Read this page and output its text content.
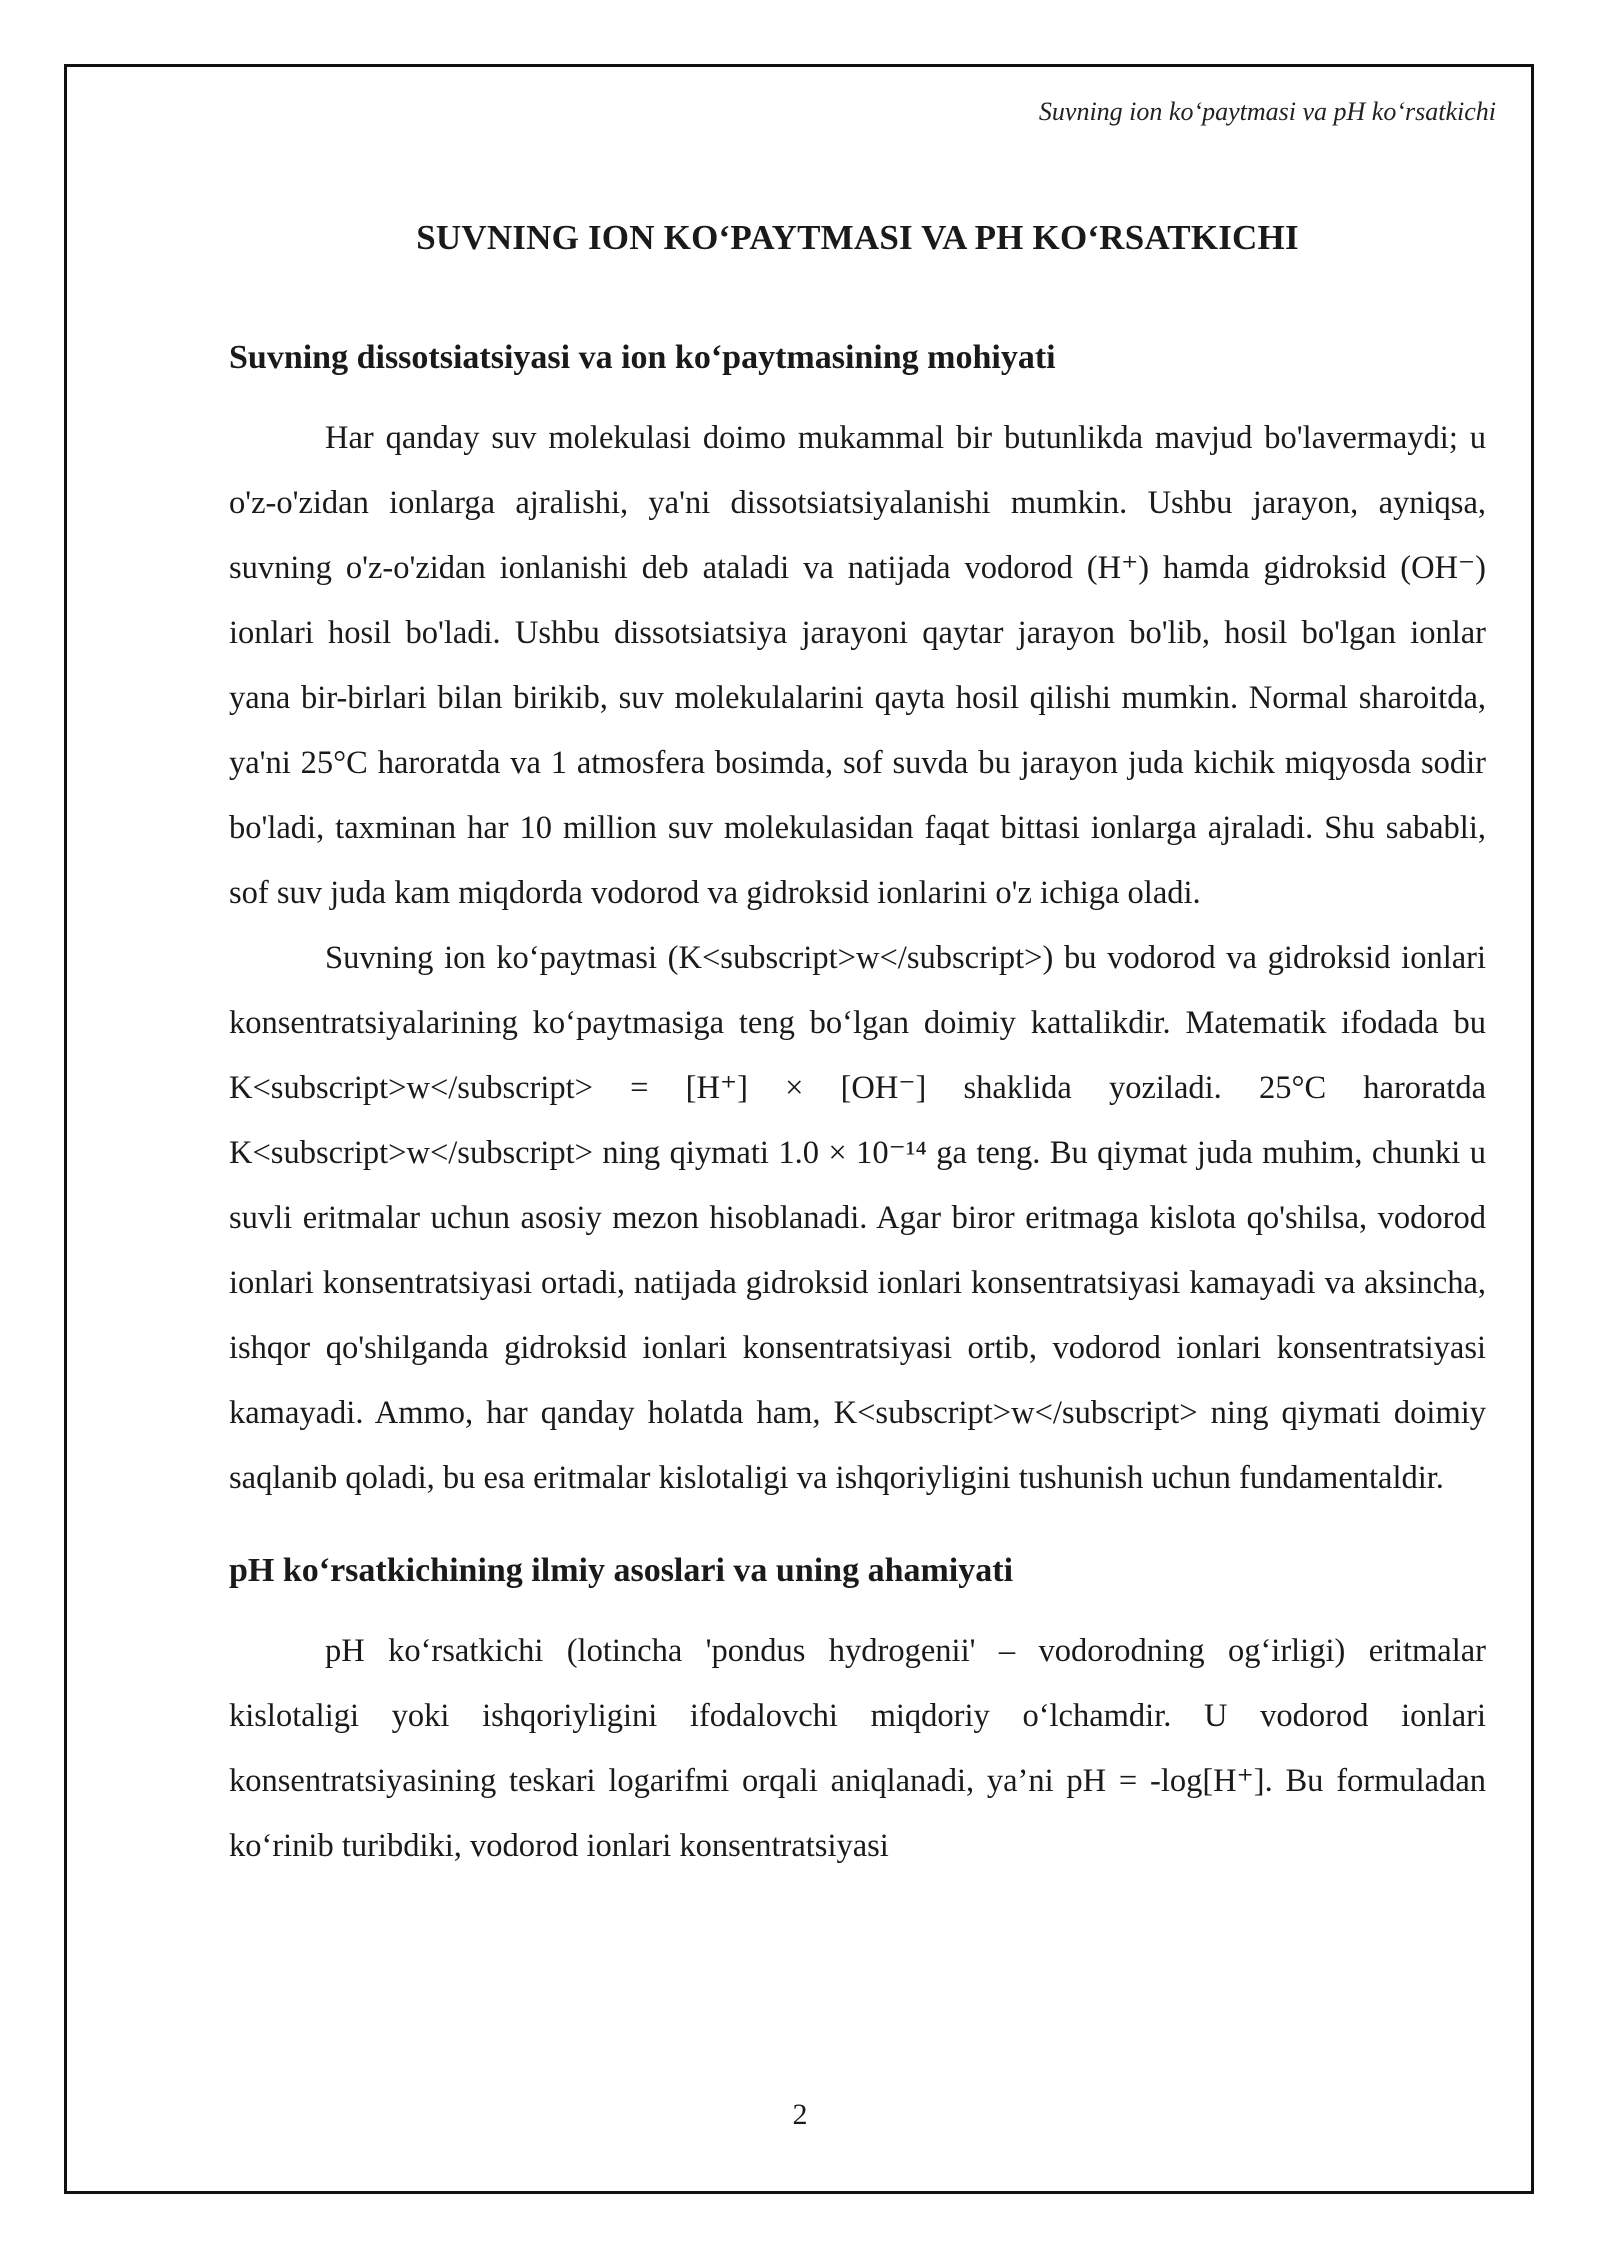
Suvning ion ko‘paytmasi va pH ko‘rsatkichi
SUVNING ION KO‘PAYTMASI VA PH KO‘RSATKICHI
Suvning dissotsiatsiyasi va ion ko‘paytmasining mohiyati

Har qanday suv molekulasi doimo mukammal bir butunlikda mavjud bo'lavermaydi; u o'z-o'zidan ionlarga ajralishi, ya'ni dissotsiatsiyalanishi mumkin. Ushbu jarayon, ayniqsa, suvning o'z-o'zidan ionlanishi deb ataladi va natijada vodorod (H⁺) hamda gidroksid (OH⁻) ionlari hosil bo'ladi. Ushbu dissotsiatsiya jarayoni qaytar jarayon bo'lib, hosil bo'lgan ionlar yana bir-birlari bilan birikib, suv molekulalarini qayta hosil qilishi mumkin. Normal sharoitda, ya'ni 25°C haroratda va 1 atmosfera bosimda, sof suvda bu jarayon juda kichik miqyosda sodir bo'ladi, taxminan har 10 million suv molekulasidan faqat bittasi ionlarga ajraladi. Shu sababli, sof suv juda kam miqdorda vodorod va gidroksid ionlarini o'z ichiga oladi.

Suvning ion ko‘paytmasi (K<subscript>w</subscript>) bu vodorod va gidroksid ionlari konsentratsiyalarining ko‘paytmasiga teng bo‘lgan doimiy kattalikdir. Matematik ifodada bu K<subscript>w</subscript> = [H⁺] × [OH⁻] shaklida yoziladi. 25°C haroratda K<subscript>w</subscript> ning qiymati 1.0 × 10⁻¹⁴ ga teng. Bu qiymat juda muhim, chunki u suvli eritmalar uchun asosiy mezon hisoblanadi. Agar biror eritmaga kislota qo'shilsa, vodorod ionlari konsentratsiyasi ortadi, natijada gidroksid ionlari konsentratsiyasi kamayadi va aksincha, ishqor qo'shilganda gidroksid ionlari konsentratsiyasi ortib, vodorod ionlari konsentratsiyasi kamayadi. Ammo, har qanday holatda ham, K<subscript>w</subscript> ning qiymati doimiy saqlanib qoladi, bu esa eritmalar kislotaligi va ishqoriyligini tushunish uchun fundamentaldir.

pH ko‘rsatkichining ilmiy asoslari va uning ahamiyati

pH ko‘rsatkichi (lotincha 'pondus hydrogenii' – vodorodning og‘irligi) eritmalar kislotaligi yoki ishqoriyligini ifodalovchi miqdoriy o‘lchamdir. U vodorod ionlari konsentratsiyasining teskari logarifmi orqali aniqlanadi, ya’ni pH = -log[H⁺]. Bu formuladan ko‘rinib turibdiki, vodorod ionlari konsentratsiyasi

2
